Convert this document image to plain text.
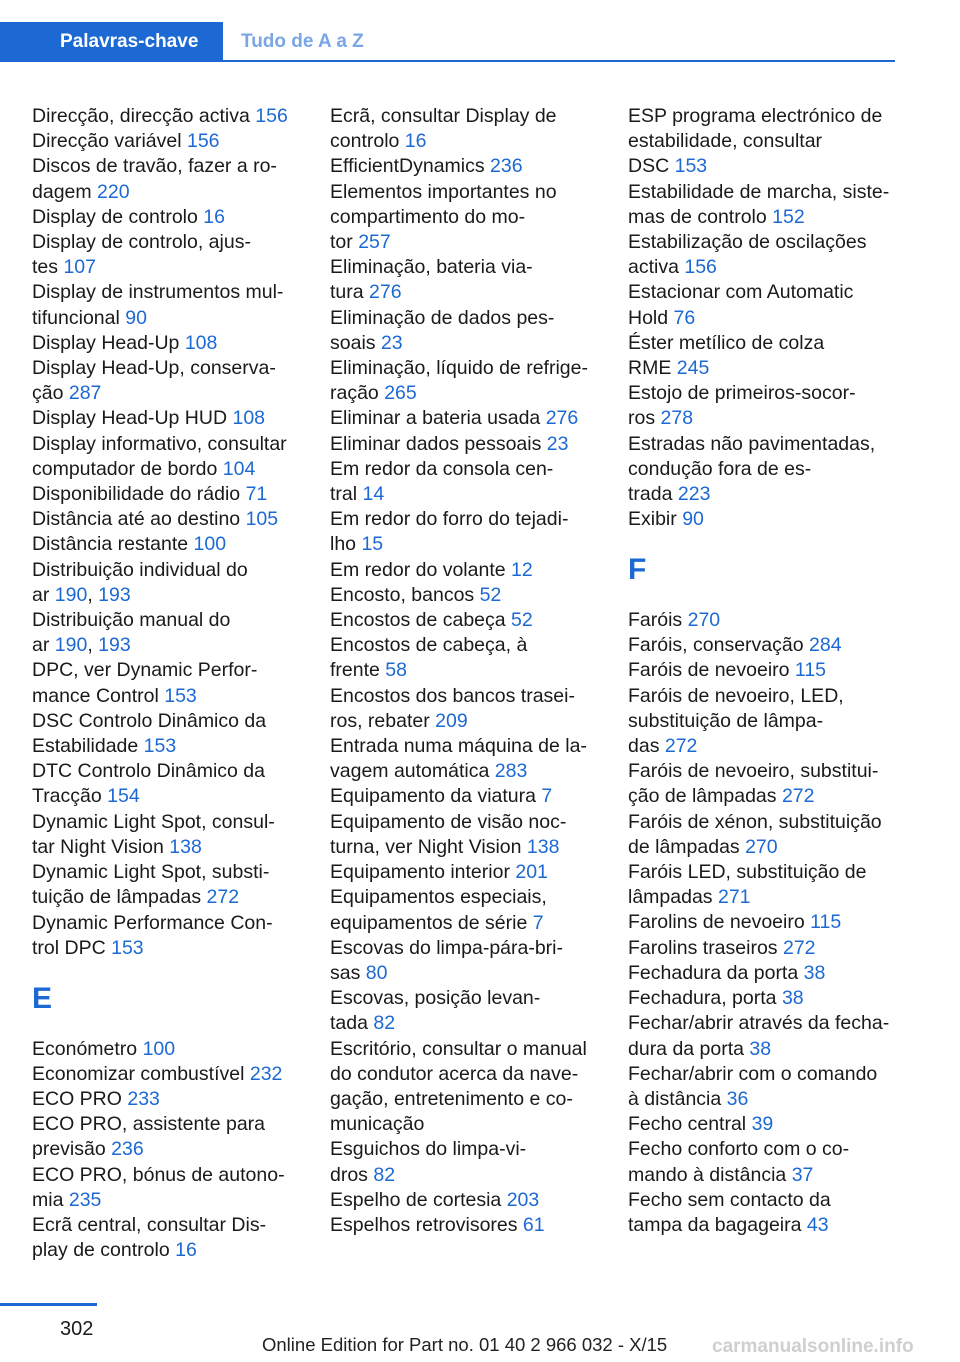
Palavras-chave	Tudo de A a Z
Direcção, direcção activa 156
Direcção variável 156
Discos de travão, fazer a ro-
dagem 220
Display de controlo 16
Display de controlo, ajus-
tes 107
Display de instrumentos mul-
tifuncional 90
Display Head-Up 108
Display Head-Up, conserva-
ção 287
Display Head-Up HUD 108
Display informativo, consultar
computador de bordo 104
Disponibilidade do rádio 71
Distância até ao destino 105
Distância restante 100
Distribuição individual do
ar 190, 193
Distribuição manual do
ar 190, 193
DPC, ver Dynamic Perfor-
mance Control 153
DSC Controlo Dinâmico da
Estabilidade 153
DTC Controlo Dinâmico da
Tracção 154
Dynamic Light Spot, consul-
tar Night Vision 138
Dynamic Light Spot, substi-
tuição de lâmpadas 272
Dynamic Performance Con-
trol DPC 153
E
Económetro 100
Economizar combustível 232
ECO PRO 233
ECO PRO, assistente para
previsão 236
ECO PRO, bónus de autono-
mia 235
Ecrã central, consultar Dis-
play de controlo 16
Ecrã, consultar Display de
controlo 16
EfficientDynamics 236
Elementos importantes no
compartimento do mo-
tor 257
Eliminação, bateria via-
tura 276
Eliminação de dados pes-
soais 23
Eliminação, líquido de refrige-
ração 265
Eliminar a bateria usada 276
Eliminar dados pessoais 23
Em redor da consola cen-
tral 14
Em redor do forro do tejadi-
lho 15
Em redor do volante 12
Encosto, bancos 52
Encostos de cabeça 52
Encostos de cabeça, à
frente 58
Encostos dos bancos trasei-
ros, rebater 209
Entrada numa máquina de la-
vagem automática 283
Equipamento da viatura 7
Equipamento de visão noc-
turna, ver Night Vision 138
Equipamento interior 201
Equipamentos especiais,
equipamentos de série 7
Escovas do limpa-pára-bri-
sas 80
Escovas, posição levan-
tada 82
Escritório, consultar o manual
do condutor acerca da nave-
gação, entretenimento e co-
municação
Esguichos do limpa-vi-
dros 82
Espelho de cortesia 203
Espelhos retrovisores 61
ESP programa electrónico de
estabilidade, consultar
DSC 153
Estabilidade de marcha, siste-
mas de controlo 152
Estabilização de oscilações
activa 156
Estacionar com Automatic
Hold 76
Éster metílico de colza
RME 245
Estojo de primeiros-socor-
ros 278
Estradas não pavimentadas,
condução fora de es-
trada 223
Exibir 90
F
Faróis 270
Faróis, conservação 284
Faróis de nevoeiro 115
Faróis de nevoeiro, LED,
substituição de lâmpa-
das 272
Faróis de nevoeiro, substitui-
ção de lâmpadas 272
Faróis de xénon, substituição
de lâmpadas 270
Faróis LED, substituição de
lâmpadas 271
Farolins de nevoeiro 115
Farolins traseiros 272
Fechadura da porta 38
Fechadura, porta 38
Fechar/abrir através da fecha-
dura da porta 38
Fechar/abrir com o comando
à distância 36
Fecho central 39
Fecho conforto com o co-
mando à distância 37
Fecho sem contacto da
tampa da bagageira 43
302
Online Edition for Part no. 01 40 2 966 032 - X/15 carmanualsonline.info
